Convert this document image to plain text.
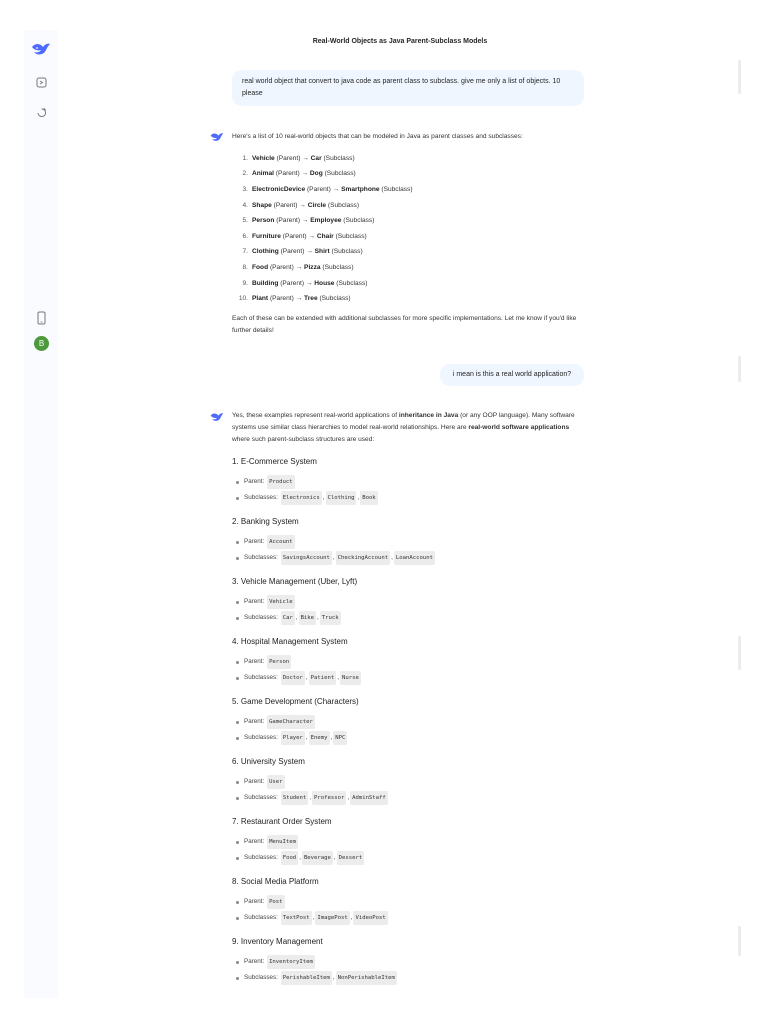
B
Real-World Objects as Java Parent-Subclass Models
real world object that convert to java code as parent class to subclass. give me only a list of objects. 10 please
Here's a list of 10 real-world objects that can be modeled in Java as parent classes and subclasses:
1. Vehicle (Parent) → Car (Subclass)
2. Animal (Parent) → Dog (Subclass)
3. ElectronicDevice (Parent) → Smartphone (Subclass)
4. Shape (Parent) → Circle (Subclass)
5. Person (Parent) → Employee (Subclass)
6. Furniture (Parent) → Chair (Subclass)
7. Clothing (Parent) → Shirt (Subclass)
8. Food (Parent) → Pizza (Subclass)
9. Building (Parent) → House (Subclass)
10. Plant (Parent) → Tree (Subclass)
Each of these can be extended with additional subclasses for more specific implementations. Let me know if you'd like further details!
i mean is this a real world application?
Yes, these examples represent real-world applications of inheritance in Java (or any OOP language). Many software systems use similar class hierarchies to model real-world relationships. Here are real-world software applications where such parent-subclass structures are used:
1. E-Commerce System
Parent: Product
Subclasses: Electronics , Clothing , Book
2. Banking System
Parent: Account
Subclasses: SavingsAccount , CheckingAccount , LoanAccount
3. Vehicle Management (Uber, Lyft)
Parent: Vehicle
Subclasses: Car , Bike , Truck
4. Hospital Management System
Parent: Person
Subclasses: Doctor , Patient , Nurse
5. Game Development (Characters)
Parent: GameCharacter
Subclasses: Player , Enemy , NPC
6. University System
Parent: User
Subclasses: Student , Professor , AdminStaff
7. Restaurant Order System
Parent: MenuItem
Subclasses: Food , Beverage , Dessert
8. Social Media Platform
Parent: Post
Subclasses: TextPost , ImagePost , VideoPost
9. Inventory Management
Parent: InventoryItem
Subclasses: PerishableItem , NonPerishableItem
